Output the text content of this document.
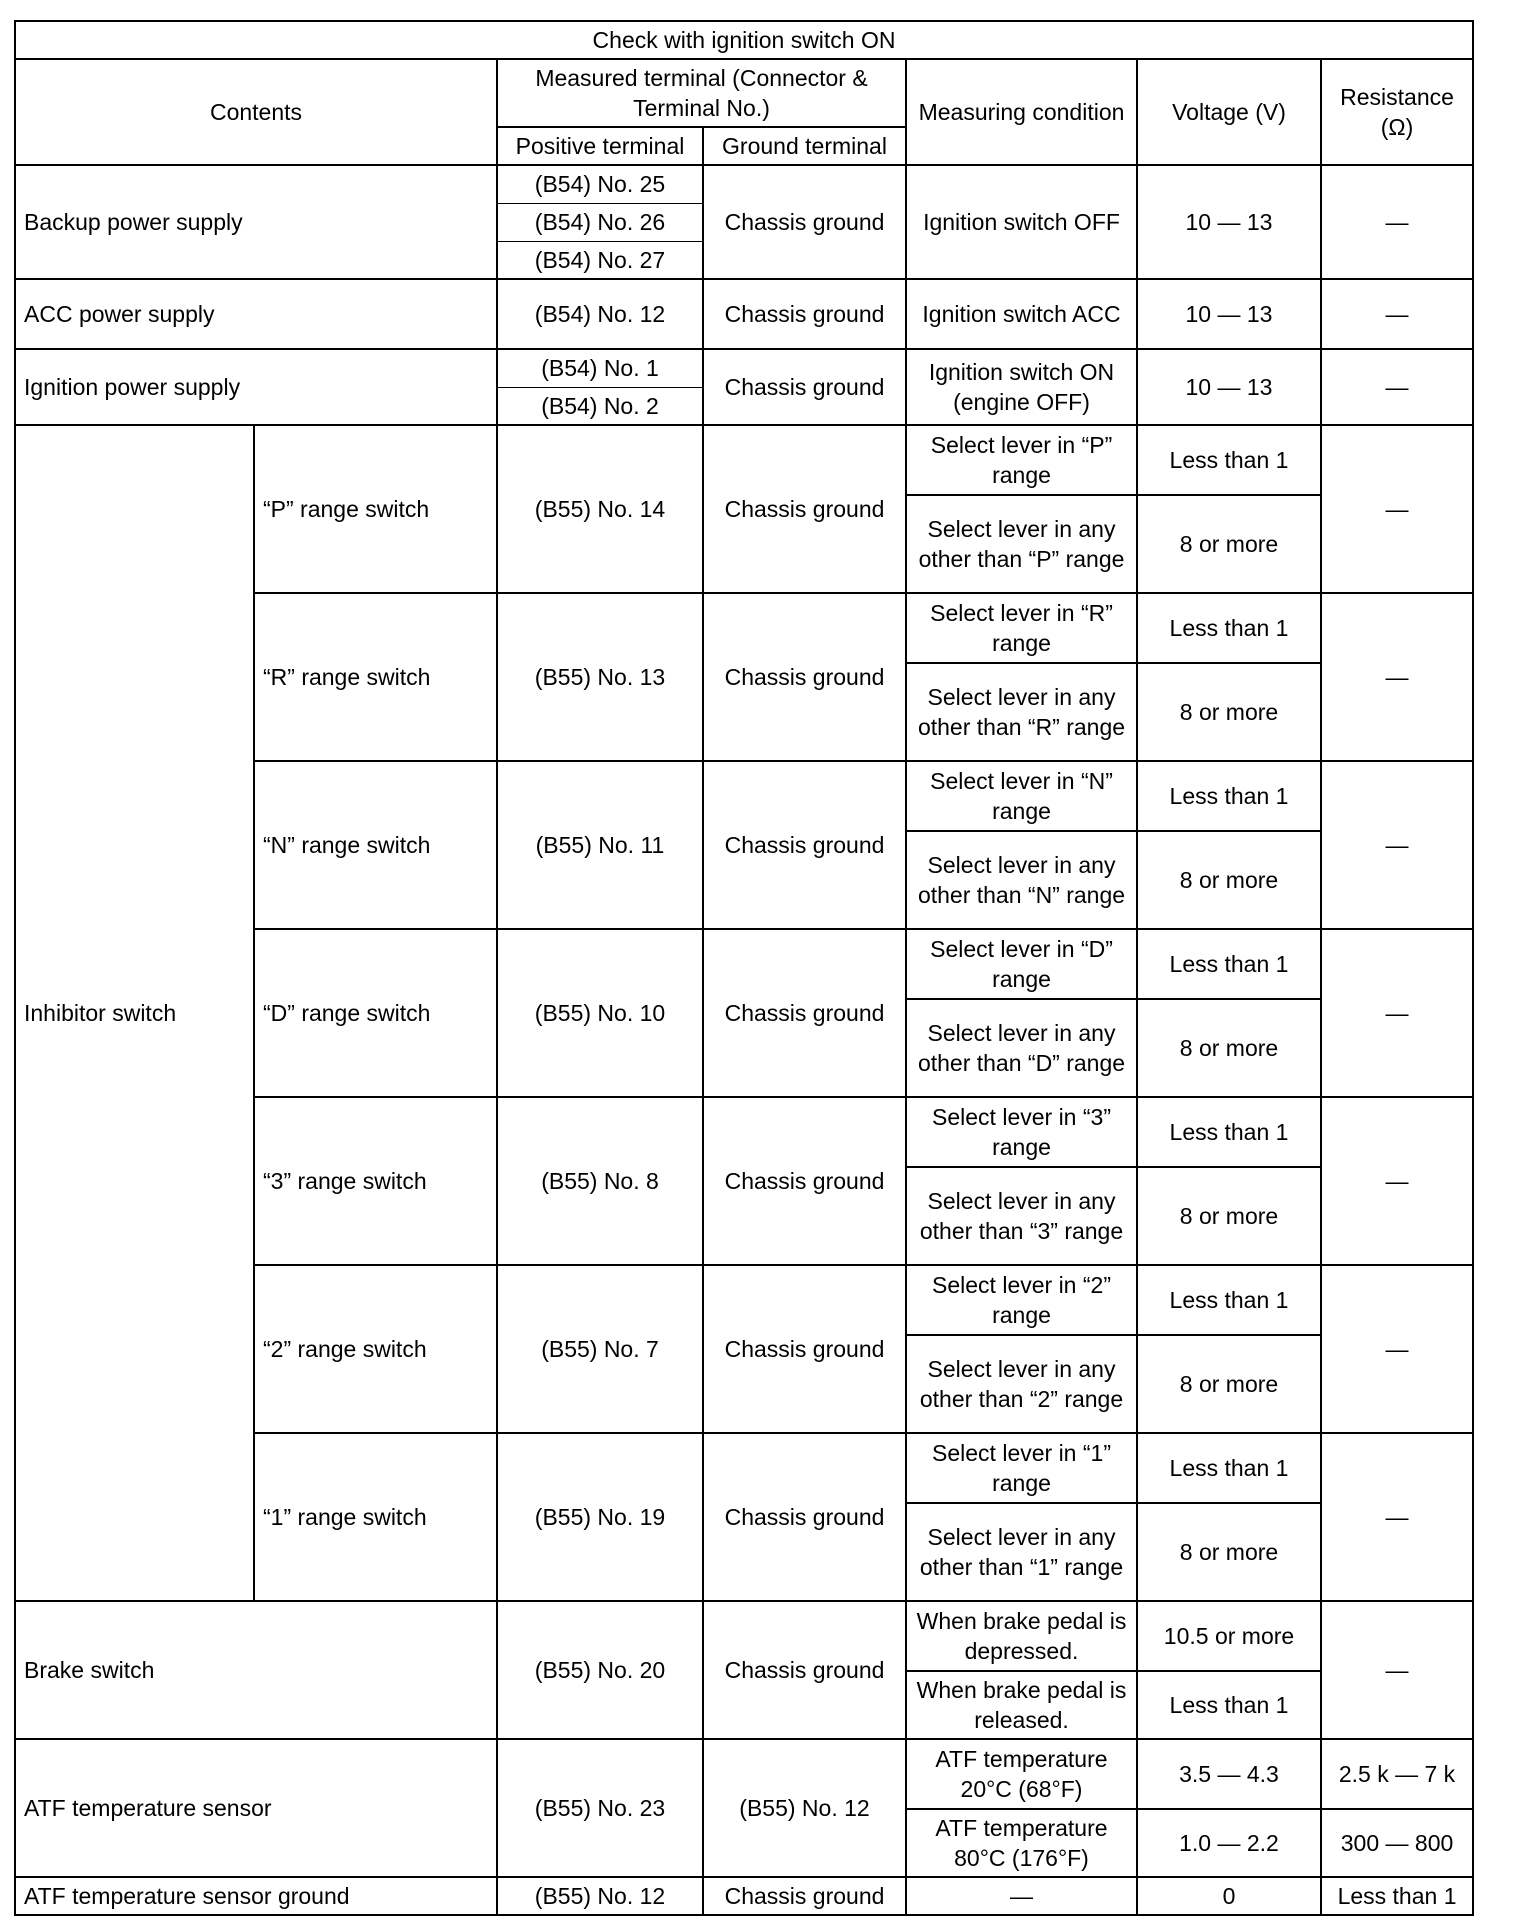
Check with ignition switch ON						
Contents		Measured terminal (Connector & Terminal No.)		Measuring condition	Voltage (V)	Resistance (Ω)
		Positive terminal	Ground terminal			
Backup power supply		(B54) No. 25	Chassis ground	Ignition switch OFF	10 — 13	—
		(B54) No. 26				
		(B54) No. 27				
ACC power supply		(B54) No. 12	Chassis ground	Ignition switch ACC	10 — 13	—
Ignition power supply		(B54) No. 1	Chassis ground	Ignition switch ON (engine OFF)	10 — 13	—
		(B54) No. 2				
Inhibitor switch	“P” range switch	(B55) No. 14	Chassis ground	Select lever in “P” range	Less than 1	—
				Select lever in any other than “P” range	8 or more	
	“R” range switch	(B55) No. 13	Chassis ground	Select lever in “R” range	Less than 1	—
				Select lever in any other than “R” range	8 or more	
	“N” range switch	(B55) No. 11	Chassis ground	Select lever in “N” range	Less than 1	—
				Select lever in any other than “N” range	8 or more	
	“D” range switch	(B55) No. 10	Chassis ground	Select lever in “D” range	Less than 1	—
				Select lever in any other than “D” range	8 or more	
	“3” range switch	(B55) No. 8	Chassis ground	Select lever in “3” range	Less than 1	—
				Select lever in any other than “3” range	8 or more	
	“2” range switch	(B55) No. 7	Chassis ground	Select lever in “2” range	Less than 1	—
				Select lever in any other than “2” range	8 or more	
	“1” range switch	(B55) No. 19	Chassis ground	Select lever in “1” range	Less than 1	—
				Select lever in any other than “1” range	8 or more	
Brake switch		(B55) No. 20	Chassis ground	When brake pedal is depressed.	10.5 or more	—
				When brake pedal is released.	Less than 1	
ATF temperature sensor		(B55) No. 23	(B55) No. 12	ATF temperature 20°C (68°F)	3.5 — 4.3	2.5 k — 7 k
				ATF temperature 80°C (176°F)	1.0 — 2.2	300 — 800
ATF temperature sensor ground		(B55) No. 12	Chassis ground	—	0	Less than 1
